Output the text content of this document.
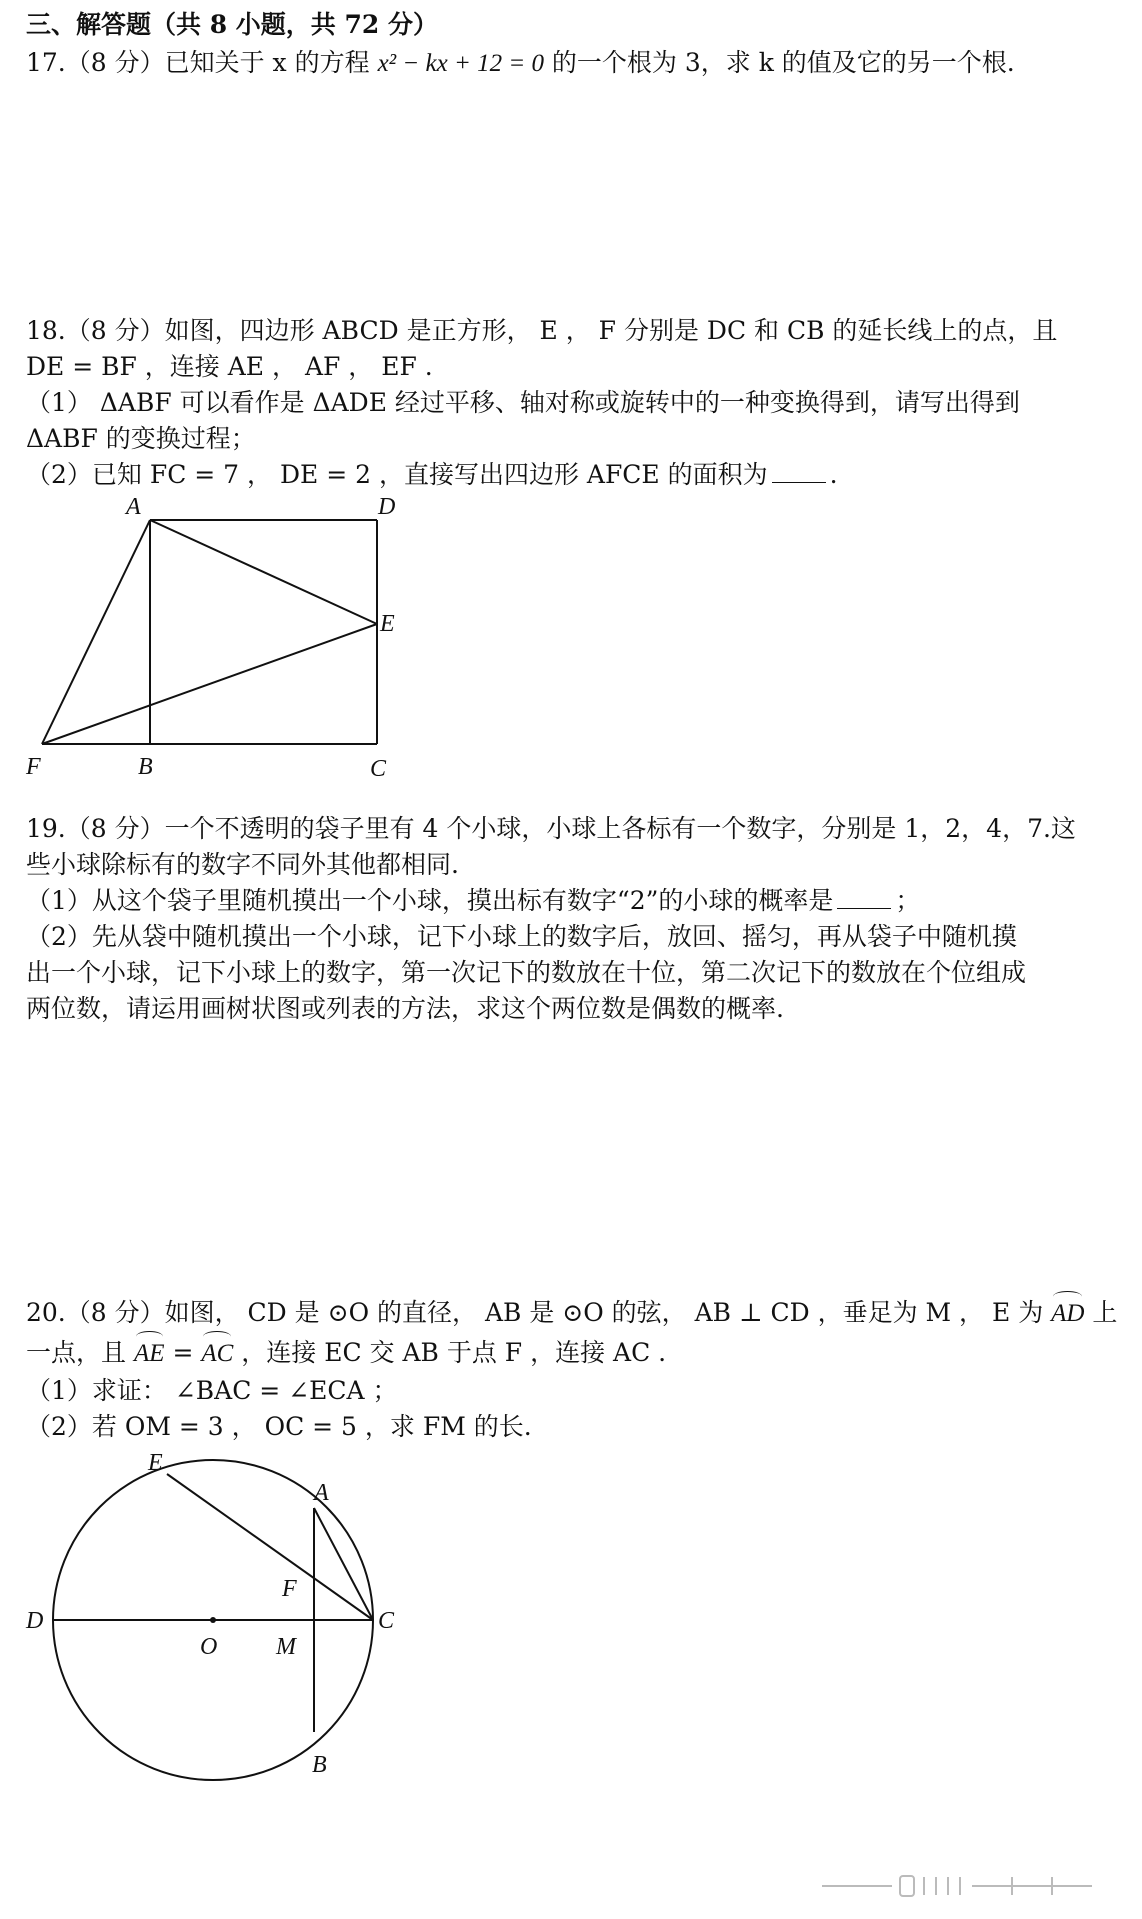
三、解答题（共 8 小题，共 72 分）
17.（8 分）已知关于 x 的方程 x² − kx + 12 = 0 的一个根为 3，求 k 的值及它的另一个根.
18.（8 分）如图，四边形 ABCD 是正方形， E ， F 分别是 DC 和 CB 的延长线上的点，且
DE = BF ，连接 AE ， AF ， EF .
（1） ΔABF 可以看作是 ΔADE 经过平移、轴对称或旋转中的一种变换得到，请写出得到
ΔABF 的变换过程；
（2）已知 FC = 7 ， DE = 2 ，直接写出四边形 AFCE 的面积为 .
A	D
E
F	B	C
19.（8 分）一个不透明的袋子里有 4 个小球，小球上各标有一个数字，分别是 1，2，4，7.这
些小球除标有的数字不同外其他都相同.
（1）从这个袋子里随机摸出一个小球，摸出标有数字“2”的小球的概率是 ；
（2）先从袋中随机摸出一个小球，记下小球上的数字后，放回、摇匀，再从袋子中随机摸
出一个小球，记下小球上的数字，第一次记下的数放在十位，第二次记下的数放在个位组成
两位数，请运用画树状图或列表的方法，求这个两位数是偶数的概率.
20.（8 分）如图， CD 是 ⊙O 的直径， AB 是 ⊙O 的弦， AB ⊥ CD ，垂足为 M ， E 为 AD 上
一点，且 AE = AC ，连接 EC 交 AB 于点 F ，连接 AC .
（1）求证： ∠BAC = ∠ECA ；
（2）若 OM = 3 ， OC = 5 ，求 FM 的长.
E
A
F
D
O M
C
B
